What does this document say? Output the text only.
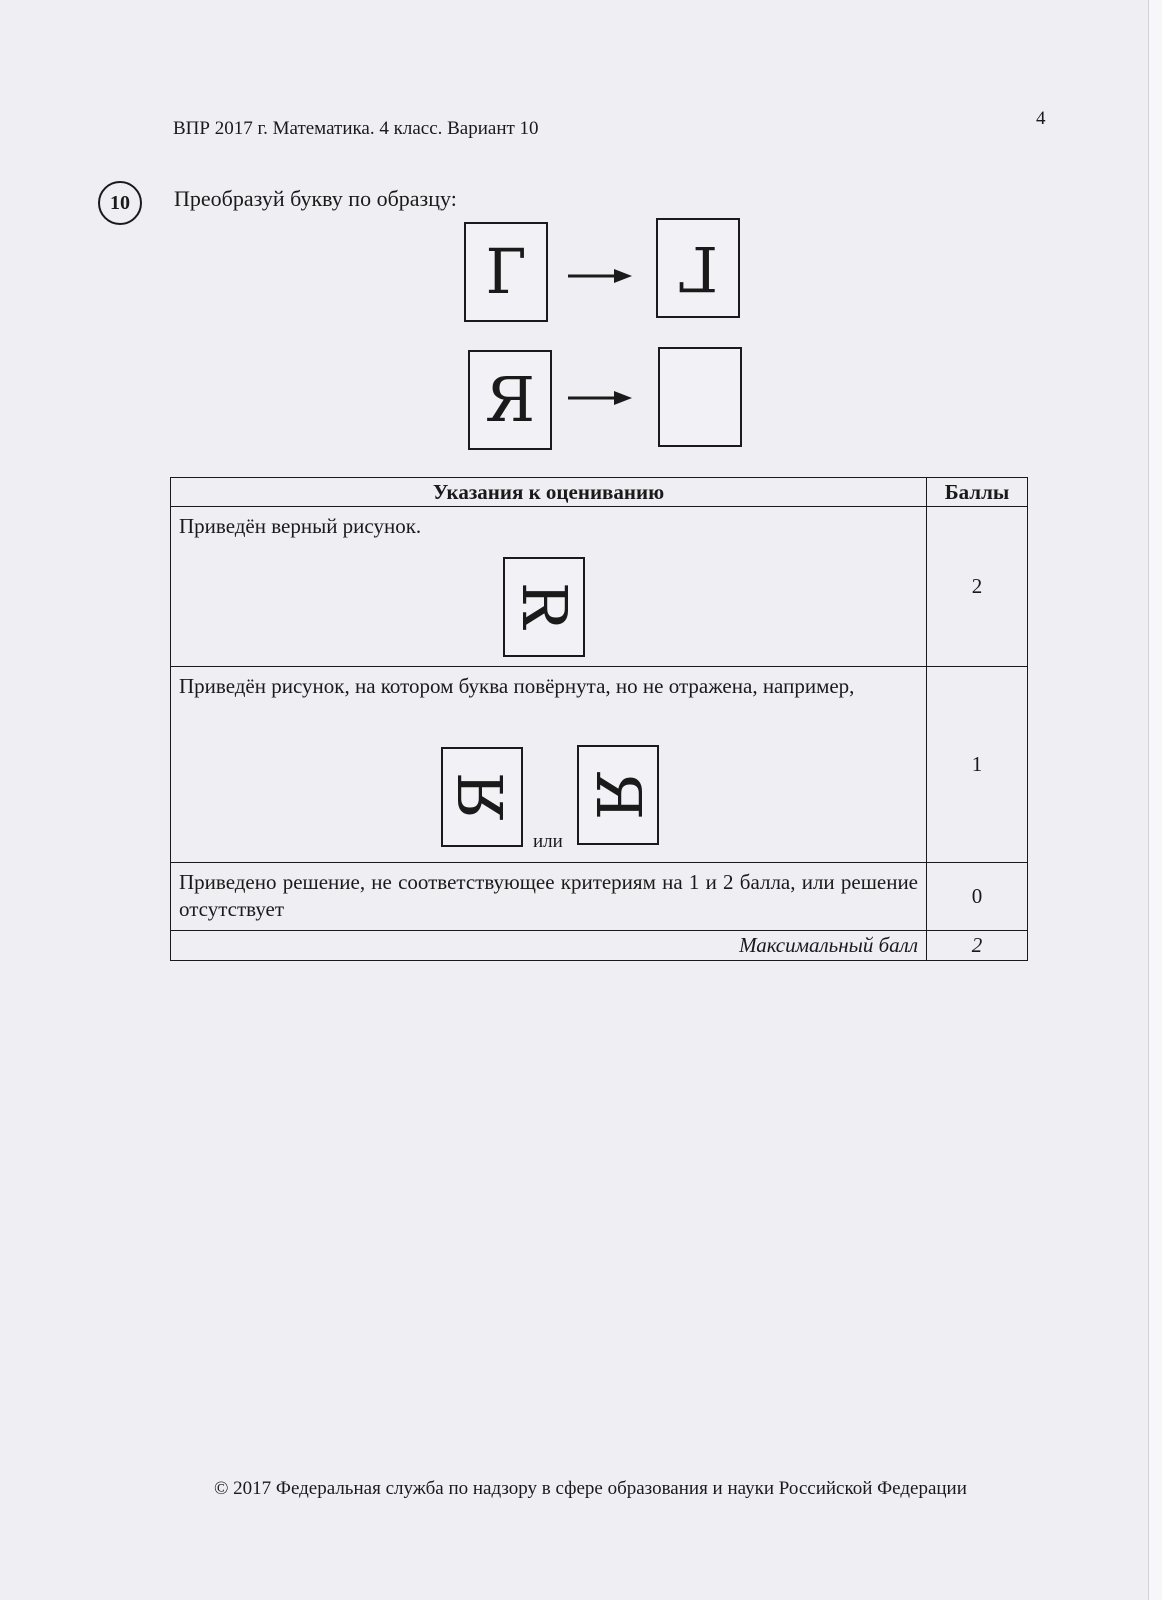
ВПР 2017 г. Математика. 4 класс. Вариант 10	4
10 Преобразуй букву по образцу:
Г Г
Я
Указания к оцениванию	Баллы

Приведён верный рисунок.
Я	2

Приведён рисунок, на котором буква повёрнута, но не отражена, например,
Я
или
Я	1

Приведено решение, не соответствующее критериям на 1 и 2 балла, или решение отсутствует	0
Максимальный балл	2
© 2017 Федеральная служба по надзору в сфере образования и науки Российской Федерации
